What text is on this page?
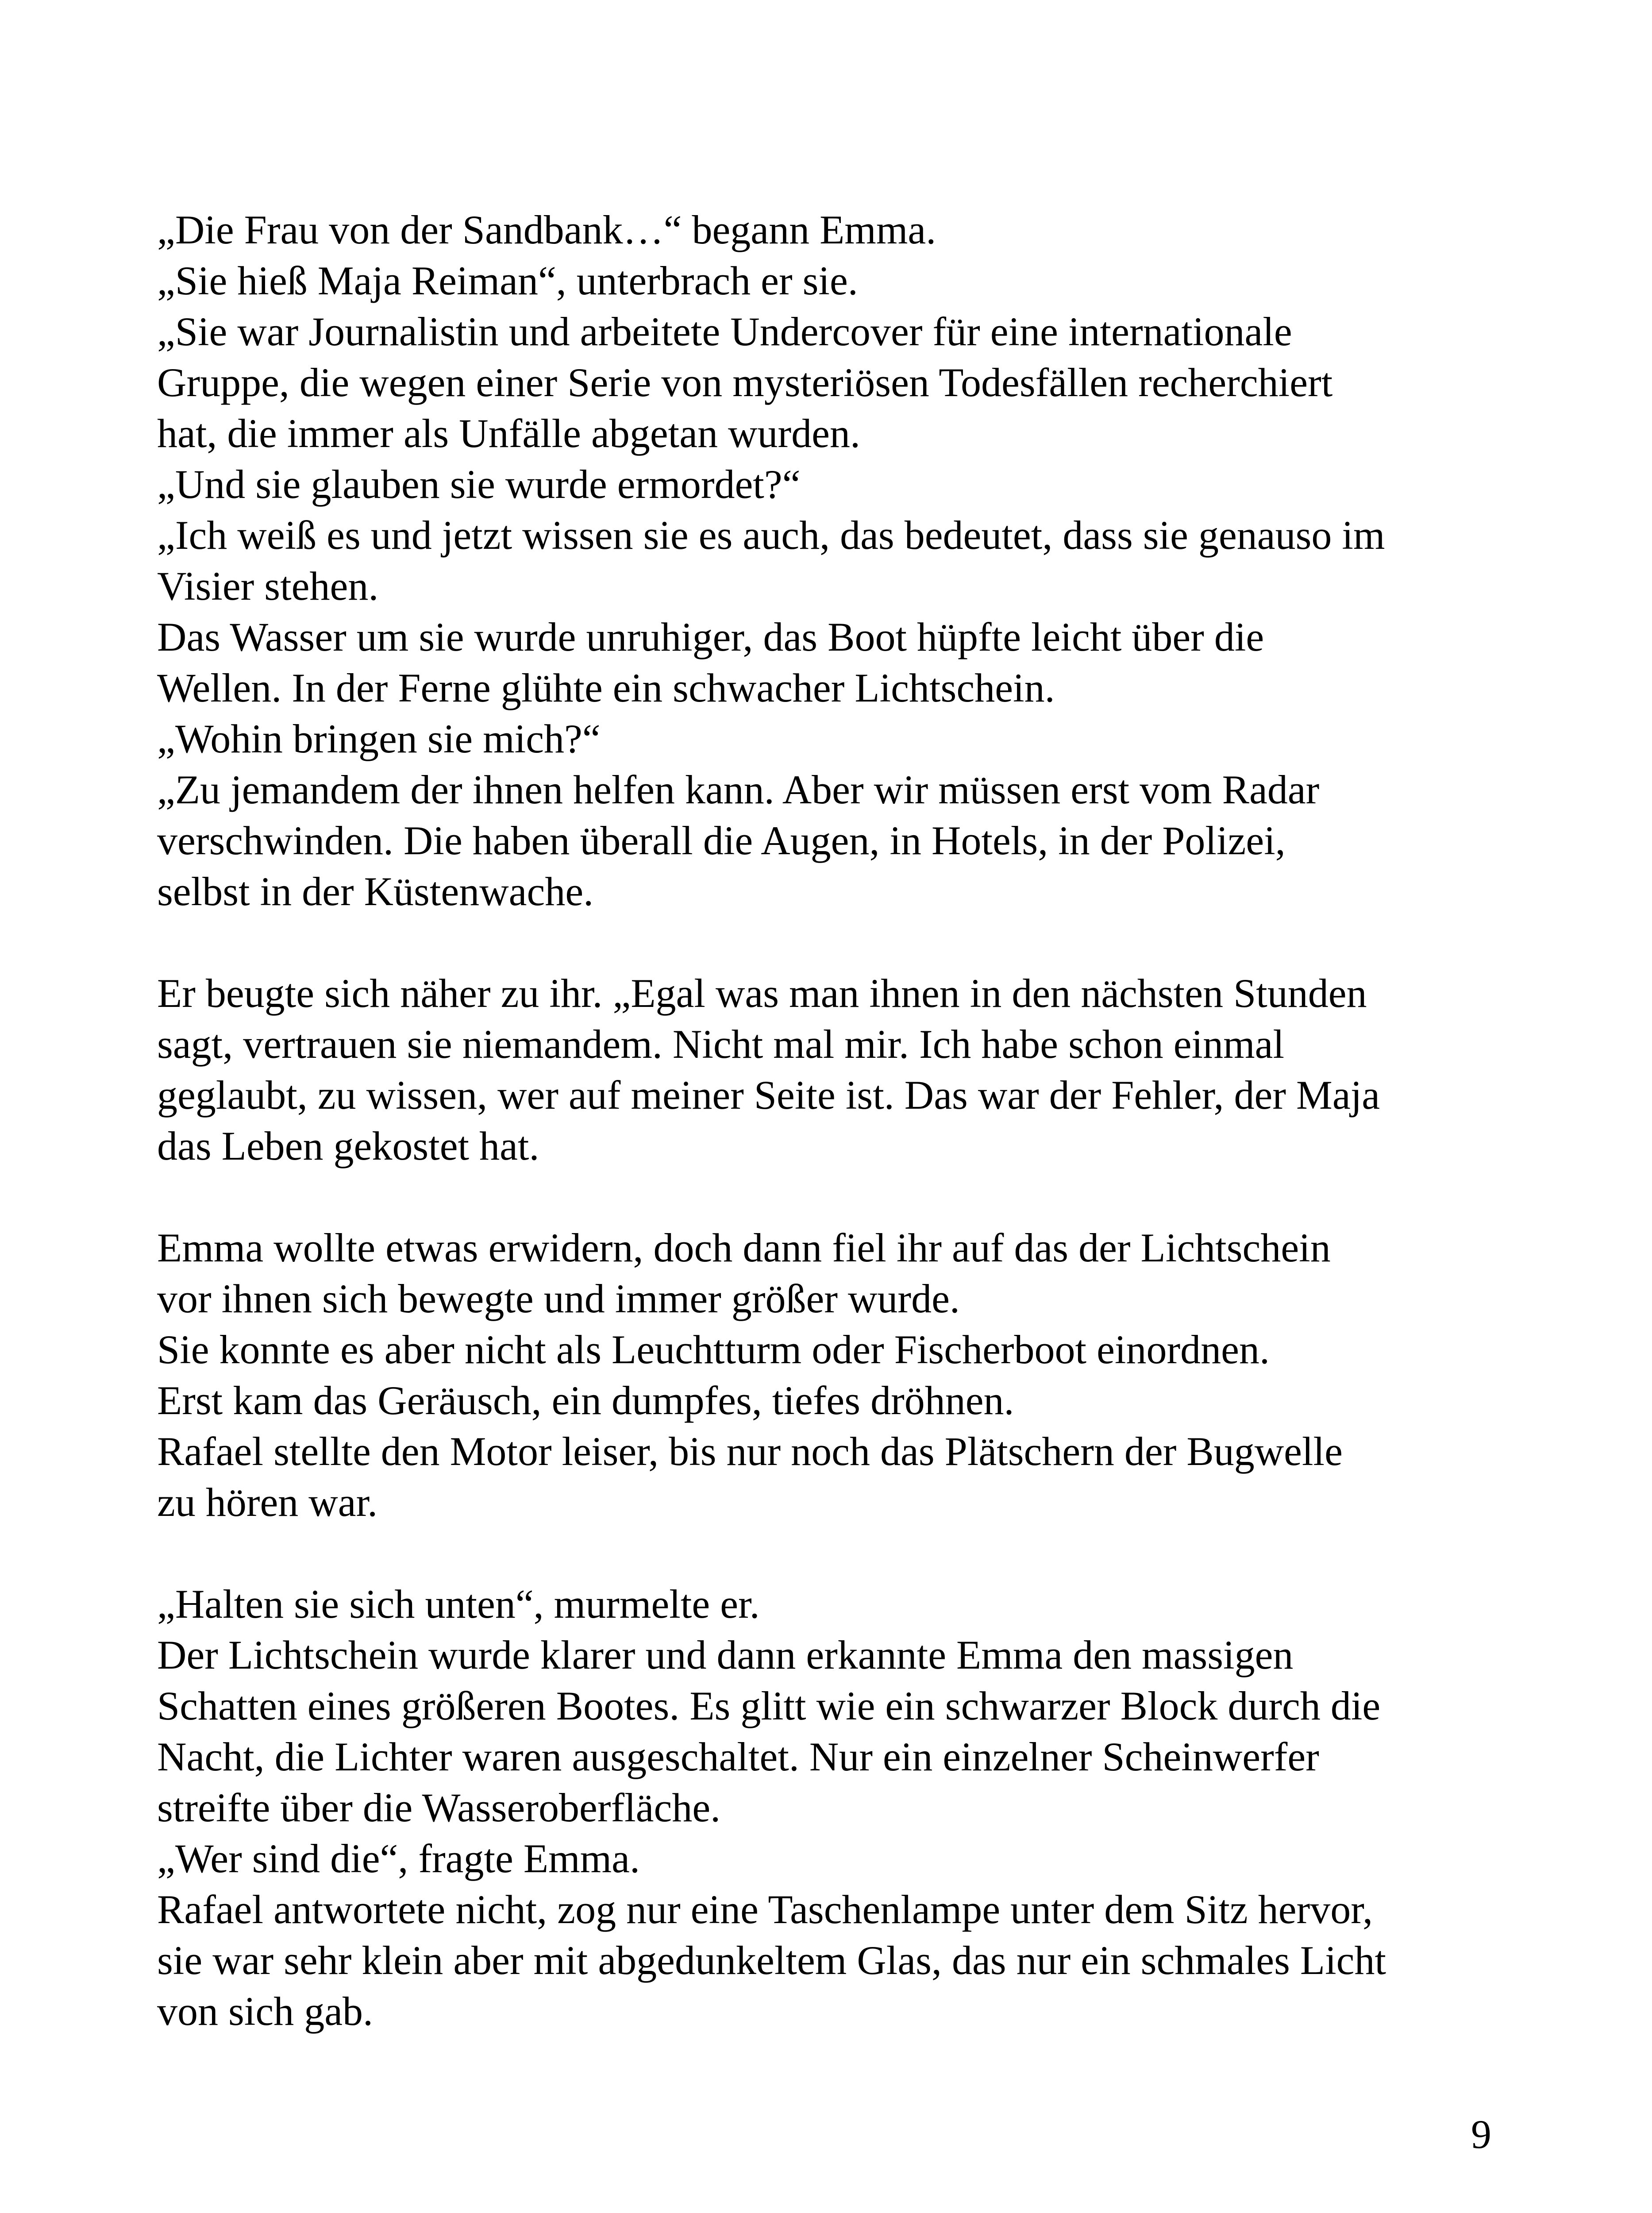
„Die Frau von der Sandbank…“ begann Emma.
„Sie hieß Maja Reiman“, unterbrach er sie.
„Sie war Journalistin und arbeitete Undercover für eine internationale
Gruppe, die wegen einer Serie von mysteriösen Todesfällen recherchiert
hat, die immer als Unfälle abgetan wurden.
„Und sie glauben sie wurde ermordet?“
„Ich weiß es und jetzt wissen sie es auch, das bedeutet, dass sie genauso im
Visier stehen.
Das Wasser um sie wurde unruhiger, das Boot hüpfte leicht über die
Wellen. In der Ferne glühte ein schwacher Lichtschein.
„Wohin bringen sie mich?“
„Zu jemandem der ihnen helfen kann. Aber wir müssen erst vom Radar
verschwinden. Die haben überall die Augen, in Hotels, in der Polizei,
selbst in der Küstenwache.
Er beugte sich näher zu ihr. „Egal was man ihnen in den nächsten Stunden
sagt, vertrauen sie niemandem. Nicht mal mir. Ich habe schon einmal
geglaubt, zu wissen, wer auf meiner Seite ist. Das war der Fehler, der Maja
das Leben gekostet hat.
Emma wollte etwas erwidern, doch dann fiel ihr auf das der Lichtschein
vor ihnen sich bewegte und immer größer wurde.
Sie konnte es aber nicht als Leuchtturm oder Fischerboot einordnen.
Erst kam das Geräusch, ein dumpfes, tiefes dröhnen.
Rafael stellte den Motor leiser, bis nur noch das Plätschern der Bugwelle
zu hören war.
„Halten sie sich unten“, murmelte er.
Der Lichtschein wurde klarer und dann erkannte Emma den massigen
Schatten eines größeren Bootes. Es glitt wie ein schwarzer Block durch die
Nacht, die Lichter waren ausgeschaltet. Nur ein einzelner Scheinwerfer
streifte über die Wasseroberfläche.
„Wer sind die“, fragte Emma.
Rafael antwortete nicht, zog nur eine Taschenlampe unter dem Sitz hervor,
sie war sehr klein aber mit abgedunkeltem Glas, das nur ein schmales Licht
von sich gab.
9
